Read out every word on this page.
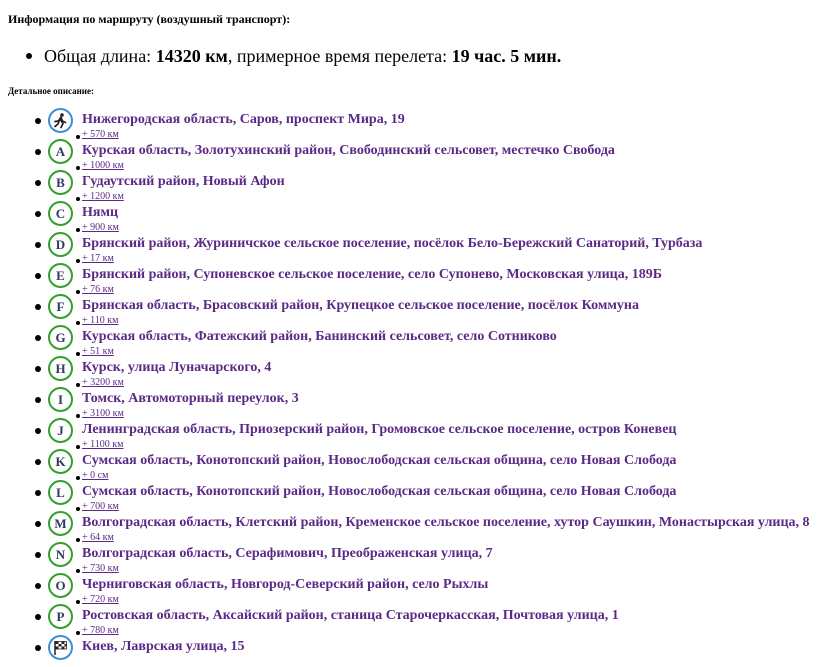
Информация по маршруту (воздушный транспорт):
Общая длина: 14320 км, примерное время перелета: 19 час. 5 мин.
Детальное описание:
Нижегородская область, Саров, проспект Мира, 19
+ 570 км
A	Курская область, Золотухинский район, Свободинский сельсовет, местечко Свобода
+ 1000 км
B	Гудаутский район, Новый Афон
+ 1200 км
C	Нямц
+ 900 км
D	Брянский район, Журиничское сельское поселение, посёлок Бело-Бережский Санаторий, Турбаза
+ 17 км
E	Брянский район, Супоневское сельское поселение, село Супонево, Московская улица, 189Б
+ 76 км
F	Брянская область, Брасовский район, Крупецкое сельское поселение, посёлок Коммуна
+ 110 км
G	Курская область, Фатежский район, Банинский сельсовет, село Сотниково
+ 51 км
H	Курск, улица Луначарского, 4
+ 3200 км
I	Томск, Автомоторный переулок, 3
+ 3100 км
J	Ленинградская область, Приозерский район, Громовское сельское поселение, остров Коневец
+ 1100 км
K	Сумская область, Конотопский район, Новослободская сельская община, село Новая Слобода
+ 0 см
L	Сумская область, Конотопский район, Новослободская сельская община, село Новая Слобода
+ 700 км
M	Волгоградская область, Клетский район, Кременское сельское поселение, хутор Саушкин, Монастырская улица, 8
+ 64 км
N	Волгоградская область, Серафимович, Преображенская улица, 7
+ 730 км
O	Черниговская область, Новгород-Северский район, село Рыхлы
+ 720 км
P	Ростовская область, Аксайский район, станица Старочеркасская, Почтовая улица, 1
+ 780 км
Киев, Лаврская улица, 15
